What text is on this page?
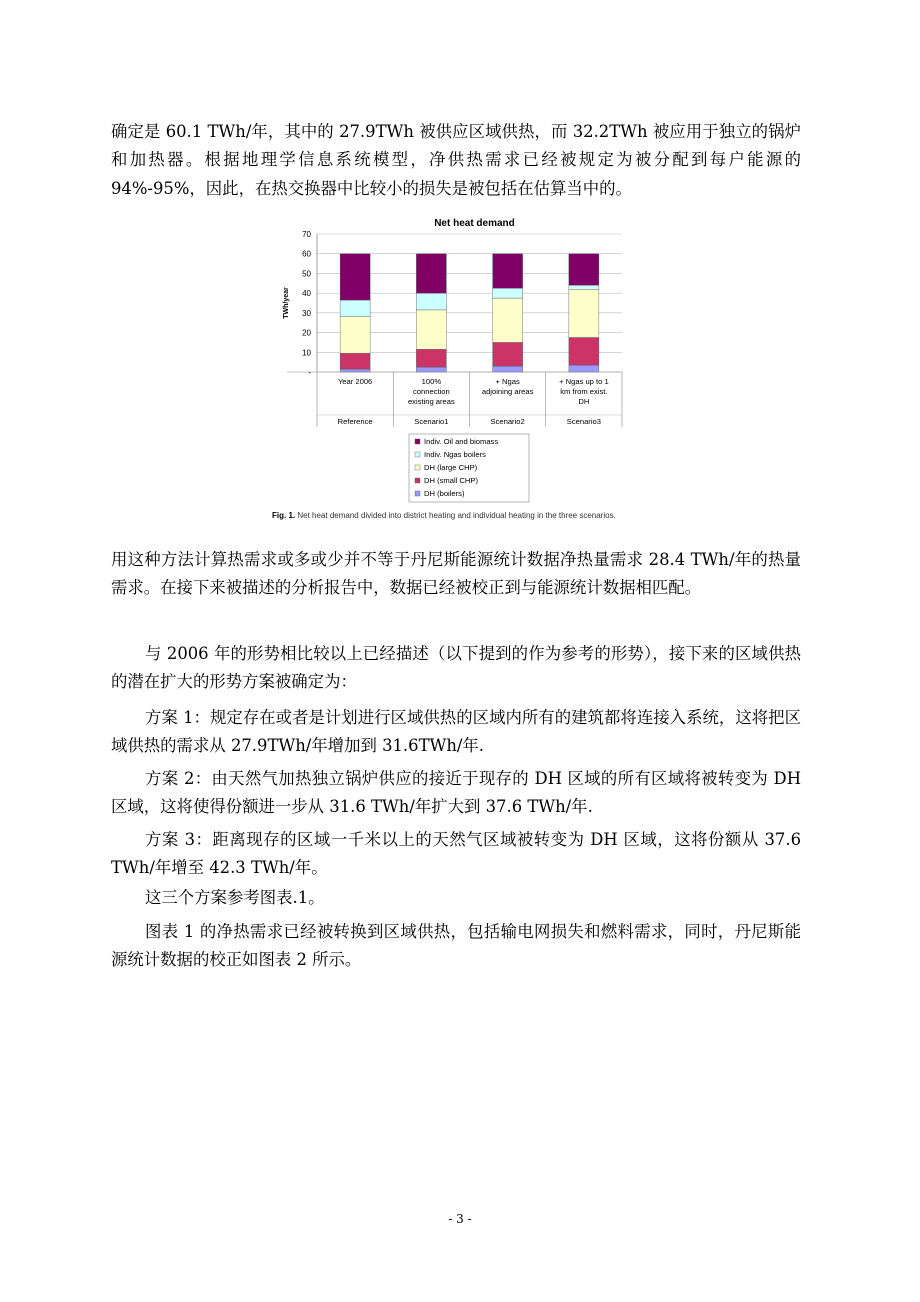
确定是 60.1 TWh/年，其中的 27.9TWh 被供应区域供热，而 32.2TWh 被应用于独立的锅炉和加热器。根据地理学信息系统模型，净供热需求已经被规定为被分配到每户能源的 94%-95%，因此，在热交换器中比较小的损失是被包括在估算当中的。

Net heat demand
-
10
20
30
40
50
60
70
TWh/year
Year 2006	100%
connection
existing areas
+ Ngas
adjoining areas
+ Ngas up to 1
km from exist.
DH
Reference	Scenario1	Scenario2	Scenario3
Indiv. Oil and biomass
Indiv. Ngas boilers
DH (large CHP)
DH (small CHP)
DH (boilers)
Fig. 1. Net heat demand divided into district heating and individual heating in the three scenarios.

用这种方法计算热需求或多或少并不等于丹尼斯能源统计数据净热量需求 28.4 TWh/年的热量需求。在接下来被描述的分析报告中，数据已经被校正到与能源统计数据相匹配。

与 2006 年的形势相比较以上已经描述（以下提到的作为参考的形势），接下来的区域供热的潜在扩大的形势方案被确定为：

方案 1：规定存在或者是计划进行区域供热的区域内所有的建筑都将连接入系统，这将把区域供热的需求从 27.9TWh/年增加到 31.6TWh/年.

方案 2：由天然气加热独立锅炉供应的接近于现存的 DH 区域的所有区域将被转变为 DH 区域，这将使得份额进一步从 31.6 TWh/年扩大到 37.6 TWh/年.

方案 3：距离现存的区域一千米以上的天然气区域被转变为 DH 区域，这将份额从 37.6 TWh/年增至 42.3 TWh/年。

这三个方案参考图表.1。

图表 1 的净热需求已经被转换到区域供热，包括输电网损失和燃料需求，同时，丹尼斯能源统计数据的校正如图表 2 所示。

- 3 -
